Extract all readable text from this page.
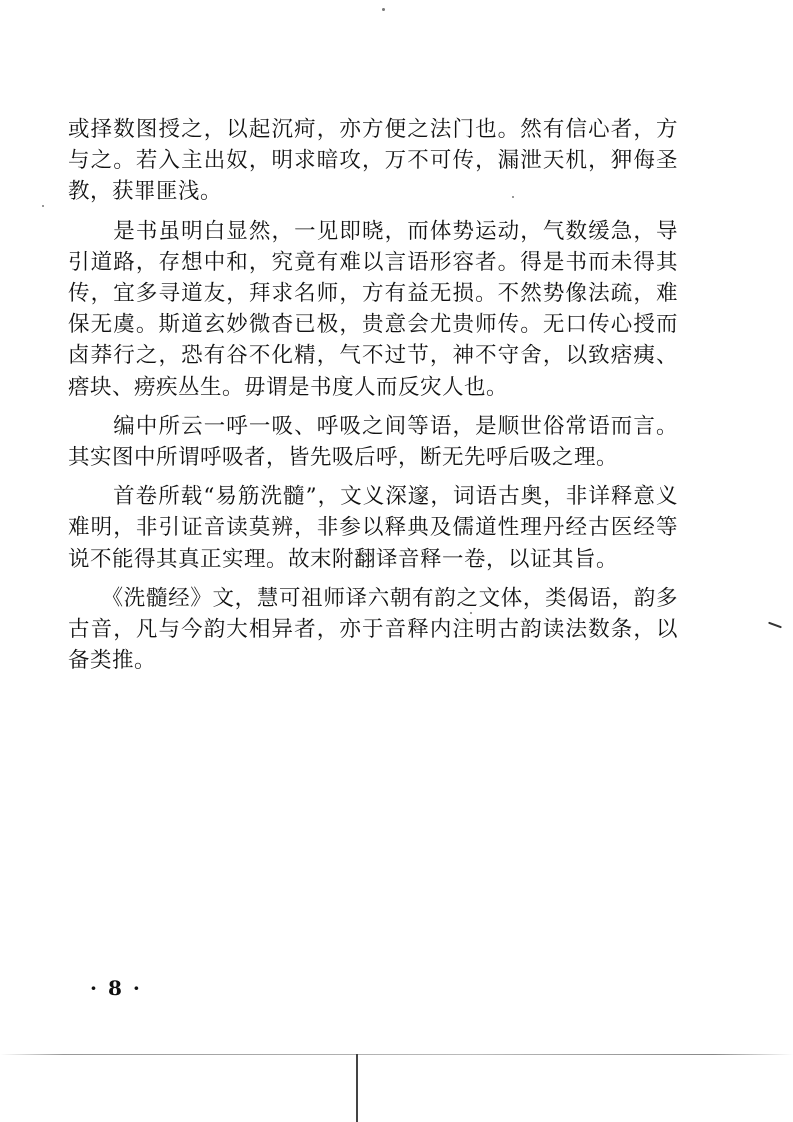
或择数图授之，以起沉疴，亦方便之法门也。然有信心者，方与之。若入主出奴，明求暗攻，万不可传，漏泄天机，狎侮圣教，获罪匪浅。

　　是书虽明白显然，一见即晓，而体势运动，气数缓急，导引道路，存想中和，究竟有难以言语形容者。得是书而未得其传，宜多寻道友，拜求名师，方有益无损。不然势像法疏，难保无虞。斯道玄妙微杳已极，贵意会尤贵师传。无口传心授而卤莽行之，恐有谷不化精，气不过节，神不守舍，以致痞痍、瘩块、痨疾丛生。毋谓是书度人而反灾人也。

　　编中所云一呼一吸、呼吸之间等语，是顺世俗常语而言。其实图中所谓呼吸者，皆先吸后呼，断无先呼后吸之理。

　　首卷所载“易筋洗髓”，文义深邃，词语古奥，非详释意义难明，非引证音读莫辨，非参以释典及儒道性理丹经古医经等说不能得其真正实理。故末附翻译音释一卷，以证其旨。

　　《洗髓经》文，慧可祖师译六朝有韵之文体，类偈语，韵多古音，凡与今韵大相异者，亦于音释内注明古韵读法数条，以备类推。

· 8 ·
